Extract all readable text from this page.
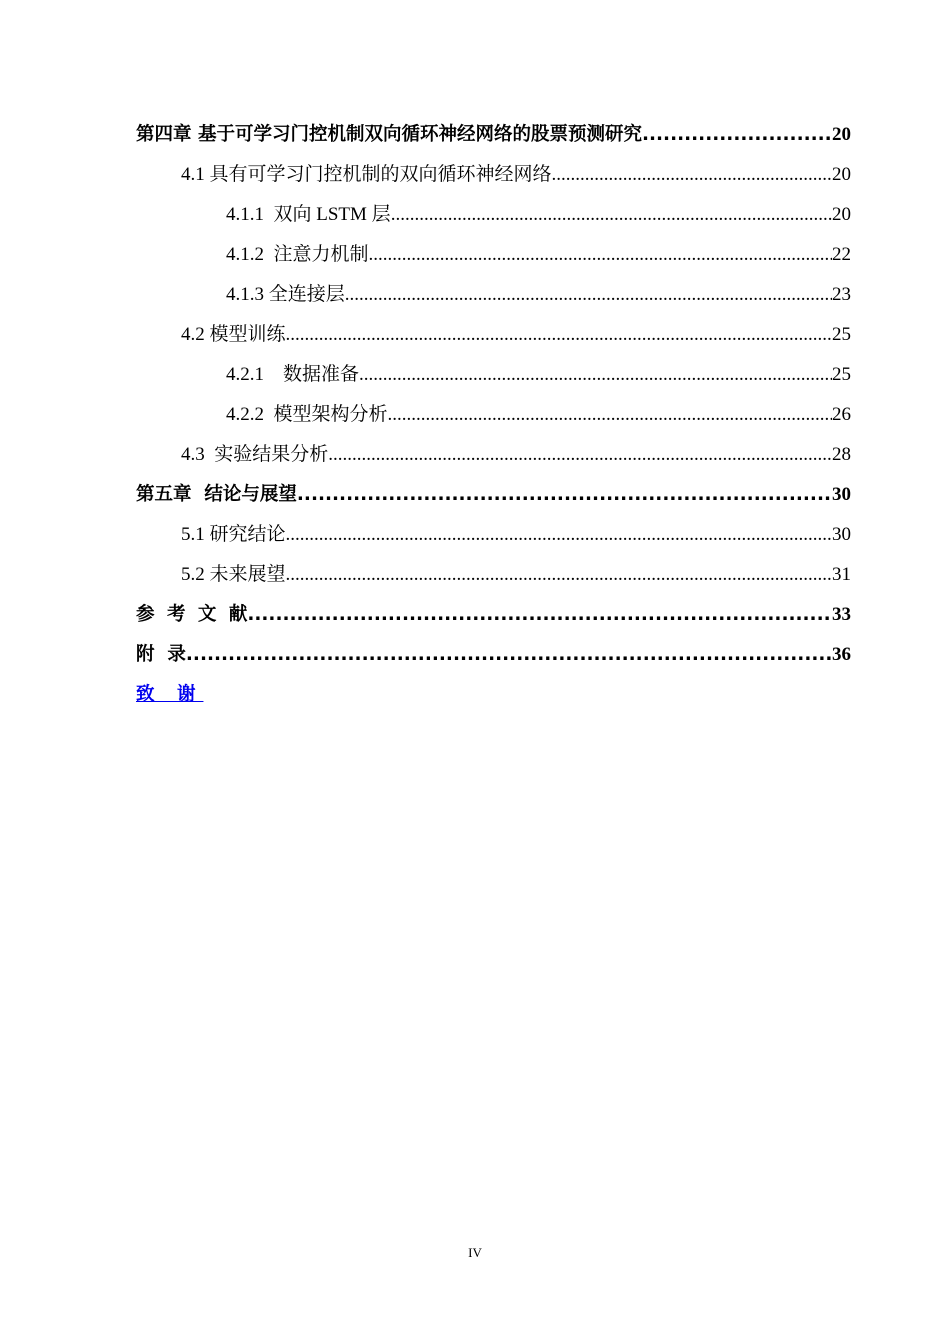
第四章 基于可学习门控机制双向循环神经网络的股票预测研究 .....	20
4.1 具有可学习门控机制的双向循环神经网络 .....	20
4.1.1  双向 LSTM 层 .....	20
4.1.2  注意力机制 .....	22
4.1.3 全连接层 .....	23
4.2 模型训练 .....	25
4.2.1    数据准备 .....	25
4.2.2  模型架构分析 .....	26
4.3  实验结果分析 .....	28
第五章  结论与展望 .....	30
5.1 研究结论 .....	30
5.2 未来展望 .....	31
参 考 文 献 .....	33
附  录 .....	36
致 谢
IV
